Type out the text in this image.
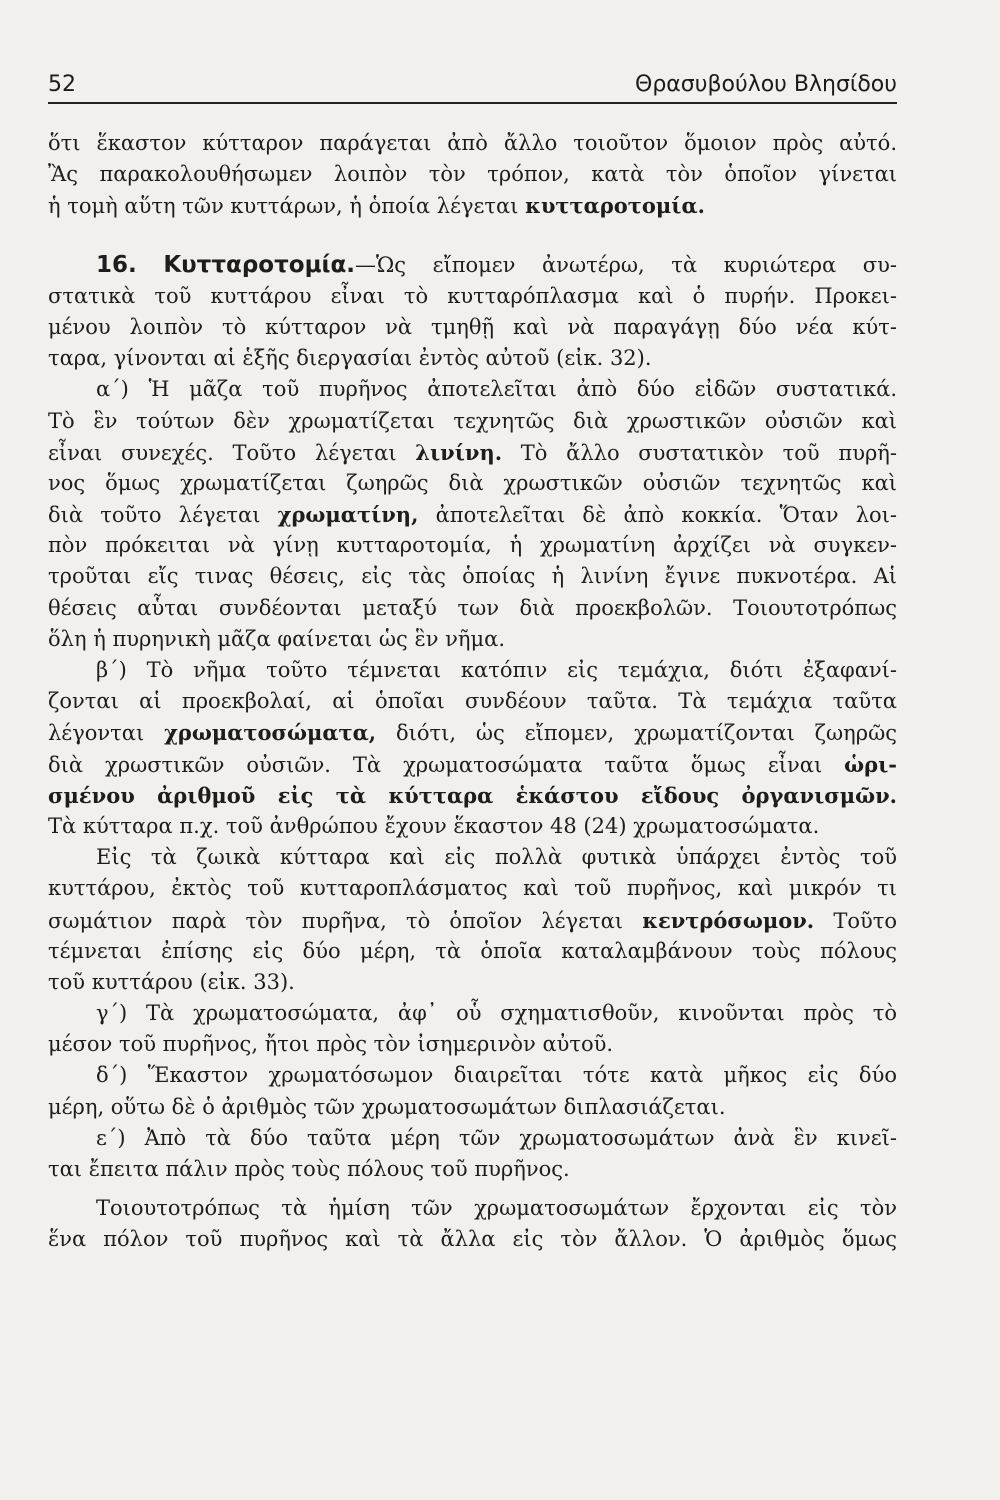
52	Θρασυβούλου Βλησίδου
ὅτι ἕκαστον κύτταρον παράγεται ἀπὸ ἄλλο τοιοῦτον ὅμοιον πρὸς αὐτό.
Ἂς παρακολουθήσωμεν λοιπὸν τὸν τρόπον, κατὰ τὸν ὁποῖον γίνεται
ἡ τομὴ αὕτη τῶν κυττάρων, ἡ ὁποία λέγεται κυτταροτομία.
16. Κυτταροτομία.—Ὡς εἴπομεν ἀνωτέρω, τὰ κυριώτερα συ-
στατικὰ τοῦ κυττάρου εἶναι τὸ κυτταρόπλασμα καὶ ὁ πυρήν. Προκει-
μένου λοιπὸν τὸ κύτταρον νὰ τμηθῇ καὶ νὰ παραγάγῃ δύο νέα κύτ-
ταρα, γίνονται αἱ ἑξῆς διεργασίαι ἐντὸς αὐτοῦ (εἰκ. 32).
α΄) Ἡ μᾶζα τοῦ πυρῆνος ἀποτελεῖται ἀπὸ δύο εἰδῶν συστατικά.
Τὸ ἓν τούτων δὲν χρωματίζεται τεχνητῶς διὰ χρωστικῶν οὐσιῶν καὶ
εἶναι συνεχές. Τοῦτο λέγεται λινίνη. Τὸ ἄλλο συστατικὸν τοῦ πυρῆ-
νος ὅμως χρωματίζεται ζωηρῶς διὰ χρωστικῶν οὐσιῶν τεχνητῶς καὶ
διὰ τοῦτο λέγεται χρωματίνη, ἀποτελεῖται δὲ ἀπὸ κοκκία. Ὅταν λοι-
πὸν πρόκειται νὰ γίνῃ κυτταροτομία, ἡ χρωματίνη ἀρχίζει νὰ συγκεν-
τροῦται εἴς τινας θέσεις, εἰς τὰς ὁποίας ἡ λινίνη ἔγινε πυκνοτέρα. Αἱ
θέσεις αὗται συνδέονται μεταξύ των διὰ προεκβολῶν. Τοιουτοτρόπως
ὅλη ἡ πυρηνικὴ μᾶζα φαίνεται ὡς ἓν νῆμα.
β΄) Τὸ νῆμα τοῦτο τέμνεται κατόπιν εἰς τεμάχια, διότι ἐξαφανί-
ζονται αἱ προεκβολαί, αἱ ὁποῖαι συνδέουν ταῦτα. Τὰ τεμάχια ταῦτα
λέγονται χρωματοσώματα, διότι, ὡς εἴπομεν, χρωματίζονται ζωηρῶς
διὰ χρωστικῶν οὐσιῶν. Τὰ χρωματοσώματα ταῦτα ὅμως εἶναι ὡρι-
σμένου ἀριθμοῦ εἰς τὰ κύτταρα ἑκάστου εἴδους ὀργανισμῶν.
Τὰ κύτταρα π.χ. τοῦ ἀνθρώπου ἔχουν ἕκαστον 48 (24) χρωματοσώματα.
Εἰς τὰ ζωικὰ κύτταρα καὶ εἰς πολλὰ φυτικὰ ὑπάρχει ἐντὸς τοῦ
κυττάρου, ἐκτὸς τοῦ κυτταροπλάσματος καὶ τοῦ πυρῆνος, καὶ μικρόν τι
σωμάτιον παρὰ τὸν πυρῆνα, τὸ ὁποῖον λέγεται κεντρόσωμον. Τοῦτο
τέμνεται ἐπίσης εἰς δύο μέρη, τὰ ὁποῖα καταλαμβάνουν τοὺς πόλους
τοῦ κυττάρου (εἰκ. 33).
γ΄) Τὰ χρωματοσώματα, ἀφ᾽ οὗ σχηματισθοῦν, κινοῦνται πρὸς τὸ
μέσον τοῦ πυρῆνος, ἤτοι πρὸς τὸν ἰσημερινὸν αὐτοῦ.
δ΄) Ἕκαστον χρωματόσωμον διαιρεῖται τότε κατὰ μῆκος εἰς δύο
μέρη, οὕτω δὲ ὁ ἀριθμὸς τῶν χρωματοσωμάτων διπλασιάζεται.
ε΄) Ἀπὸ τὰ δύο ταῦτα μέρη τῶν χρωματοσωμάτων ἀνὰ ἓν κινεῖ-
ται ἔπειτα πάλιν πρὸς τοὺς πόλους τοῦ πυρῆνος.
Τοιουτοτρόπως τὰ ἡμίση τῶν χρωματοσωμάτων ἔρχονται εἰς τὸν
ἕνα πόλον τοῦ πυρῆνος καὶ τὰ ἄλλα εἰς τὸν ἄλλον. Ὁ ἀριθμὸς ὅμως
